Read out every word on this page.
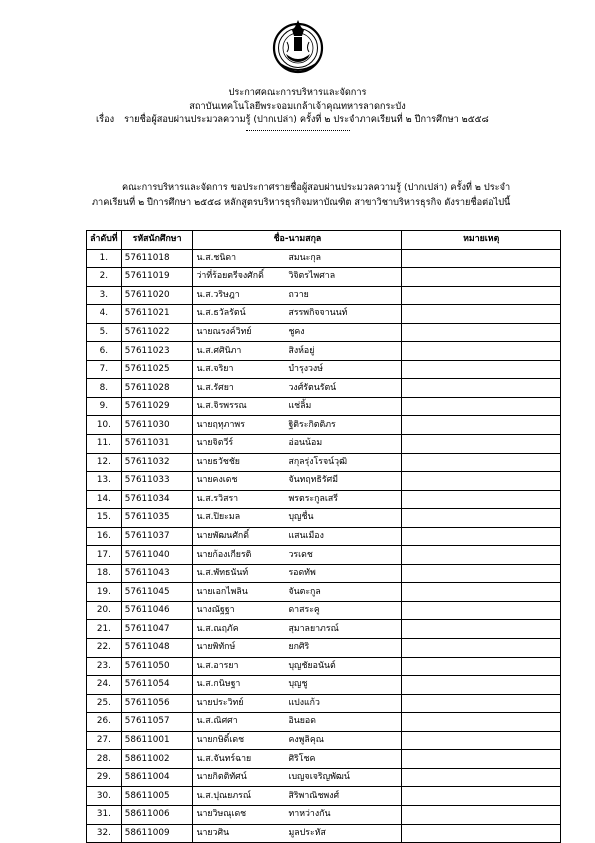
ประกาศคณะการบริหารและจัดการ
สถาบันเทคโนโลยีพระจอมเกล้าเจ้าคุณทหารลาดกระบัง
เรื่อง รายชื่อผู้สอบผ่านประมวลความรู้ (ปากเปล่า) ครั้งที่ ๒ ประจำภาคเรียนที่ ๒ ปีการศึกษา ๒๕๕๘

คณะการบริหารและจัดการ ขอประกาศรายชื่อผู้สอบผ่านประมวลความรู้ (ปากเปล่า) ครั้งที่ ๒ ประจำ

ภาคเรียนที่ ๒ ปีการศึกษา ๒๕๕๘ หลักสูตรบริหารธุรกิจมหาบัณฑิต สาขาวิชาบริหารธุรกิจ ดังรายชื่อต่อไปนี้

ลำดับที่	รหัสนักศึกษา	ชื่อ-นามสกุล	หมายเหตุ
1.	57611018	น.ส.ชนิดา สมนะกุล	
2.	57611019	ว่าที่ร้อยตรีจงศักดิ์ วิจิตรไพศาล	
3.	57611020	น.ส.วริษฎา ถวาย	
4.	57611021	น.ส.ธวัลรัตน์ สรรพกิจจานนท์	
5.	57611022	นายณรงค์วิทย์ ชูคง	
6.	57611023	น.ส.ศศินิภา สิงห์อยู่	
7.	57611025	น.ส.จริยา บำรุงวงษ์	
8.	57611028	น.ส.รัศยา วงศ์รัตนรัตน์	
9.	57611029	น.ส.จิรพรรณ แช่ลิ้ม	
10.	57611030	นายฤทุภาพร ฐิติระกิตติภร	
11.	57611031	นายจิตวีร์ อ่อนน้อม	
12.	57611032	นายธวัชชัย สกุลรุ่งโรจน์วุฒิ	
13.	57611033	นายคงเดช จันทฤทธิรัศมี	
14.	57611034	น.ส.รวิสรา พรตระกูลเสรี	
15.	57611035	น.ส.ปิยะมล บุญชื่น	
16.	57611037	นายพัฒนศักดิ์ แสนเมือง	
17.	57611040	นายก้องเกียรติ วรเดช	
18.	57611043	น.ส.พัทธนันท์ รอดทัพ	
19.	57611045	นายเอกไพลิน จันตะกูล	
20.	57611046	นางณัฐฐา ดาสระคู	
21.	57611047	น.ส.ณฤภัค สุมาลยาภรณ์	
22.	57611048	นายพิทักษ์ ยกศิริ	
23.	57611050	น.ส.อารยา บุญชัยอนันต์	
24.	57611054	น.ส.กนิษฐา บุญชู	
25.	57611056	นายประวิทย์ แปงแก้ว	
26.	57611057	น.ส.ณิศศา อินยอด	
27.	58611001	นายกษิดิ์เดช คงพูลิคุณ	
28.	58611002	น.ส.จันทร์ฉาย ศิริโชค	
29.	58611004	นายกิตติทัศน์ เบญจเจริญพัฒน์	
30.	58611005	น.ส.ปุณยภรณ์ สิริพาณิชพงศ์	
31.	58611006	นายวิษณุเดช ทาหว่างกัน	
32.	58611009	นายวศิน มูลประหัส	
